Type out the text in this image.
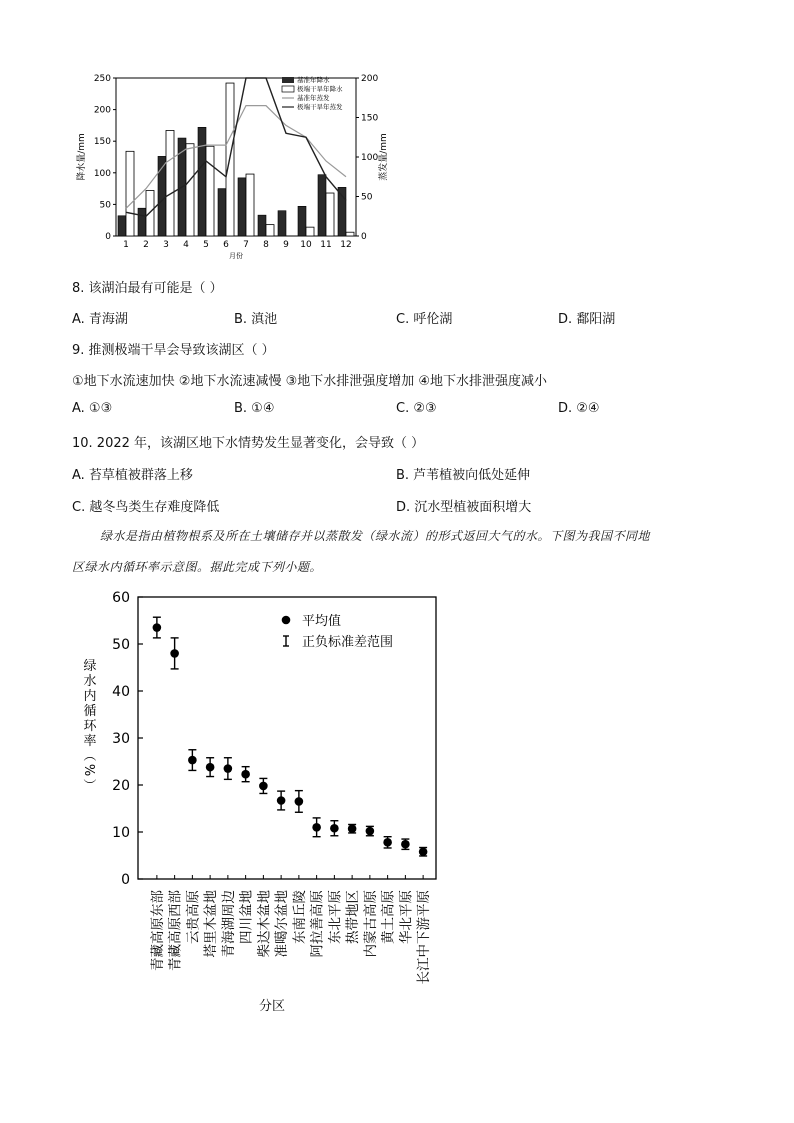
0
50
100
150
200
250
0
50
100
150
200
降水量/mm	蒸发量/mm
1 2 3 4 5 6 7 8 9 10 11 12
月份
基准年降水
极端干旱年降水
基准年蒸发
极端干旱年蒸发
8. 该湖泊最有可能是（ ）
A. 青海湖	B. 滇池	C. 呼伦湖	D. 鄱阳湖
9. 推测极端干旱会导致该湖区（ ）
①地下水流速加快 ②地下水流速减慢 ③地下水排泄强度增加 ④地下水排泄强度减小
A. ①③	B. ①④	C. ②③	D. ②④
10. 2022 年，该湖区地下水情势发生显著变化，会导致（ ）
A. 苔草植被群落上移	B. 芦苇植被向低处延伸
C. 越冬鸟类生存难度降低	D. 沉水型植被面积增大
绿水是指由植物根系及所在土壤储存并以蒸散发（绿水流）的形式返回大气的水。下图为我国不同地
区绿水内循环率示意图。据此完成下列小题。
0
10
20
30
40
50
60
绿
水
内
循
环
率
（
%
）
青藏高原东部 青藏高原西部 云贵高原 塔里木盆地 青海湖周边 四川盆地 柴达木盆地 准噶尔盆地 东南丘陵 阿拉善高原 东北平原 热带地区 内蒙古高原 黄土高原 华北平原 长江中下游平原
分区
平均值
正负标准差范围
